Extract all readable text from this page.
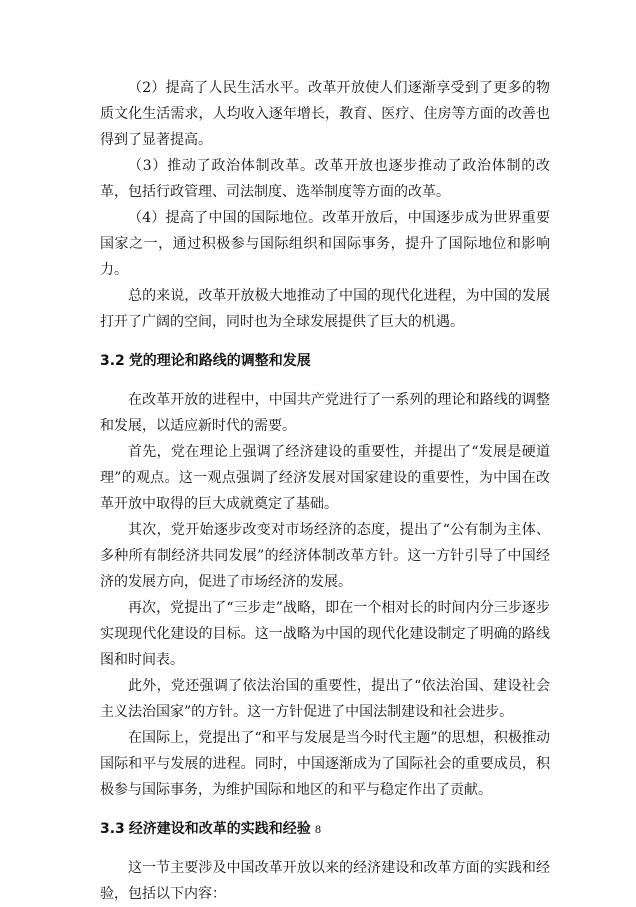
（2）提高了人民生活水平。改革开放使人们逐渐享受到了更多的物质文化生活需求，人均收入逐年增长，教育、医疗、住房等方面的改善也得到了显著提高。

（3）推动了政治体制改革。改革开放也逐步推动了政治体制的改革，包括行政管理、司法制度、选举制度等方面的改革。

（4）提高了中国的国际地位。改革开放后，中国逐步成为世界重要国家之一，通过积极参与国际组织和国际事务，提升了国际地位和影响力。

总的来说，改革开放极大地推动了中国的现代化进程，为中国的发展打开了广阔的空间，同时也为全球发展提供了巨大的机遇。

3.2 党的理论和路线的调整和发展

在改革开放的进程中，中国共产党进行了一系列的理论和路线的调整和发展，以适应新时代的需要。

首先，党在理论上强调了经济建设的重要性，并提出了“发展是硬道理”的观点。这一观点强调了经济发展对国家建设的重要性，为中国在改革开放中取得的巨大成就奠定了基础。

其次，党开始逐步改变对市场经济的态度，提出了“公有制为主体、多种所有制经济共同发展”的经济体制改革方针。这一方针引导了中国经济的发展方向，促进了市场经济的发展。

再次，党提出了“三步走”战略，即在一个相对长的时间内分三步逐步实现现代化建设的目标。这一战略为中国的现代化建设制定了明确的路线图和时间表。

此外，党还强调了依法治国的重要性，提出了“依法治国、建设社会主义法治国家”的方针。这一方针促进了中国法制建设和社会进步。

在国际上，党提出了“和平与发展是当今时代主题”的思想，积极推动国际和平与发展的进程。同时，中国逐渐成为了国际社会的重要成员，积极参与国际事务，为维护国际和地区的和平与稳定作出了贡献。

3.3 经济建设和改革的实践和经验

这一节主要涉及中国改革开放以来的经济建设和改革方面的实践和经验，包括以下内容：

8
